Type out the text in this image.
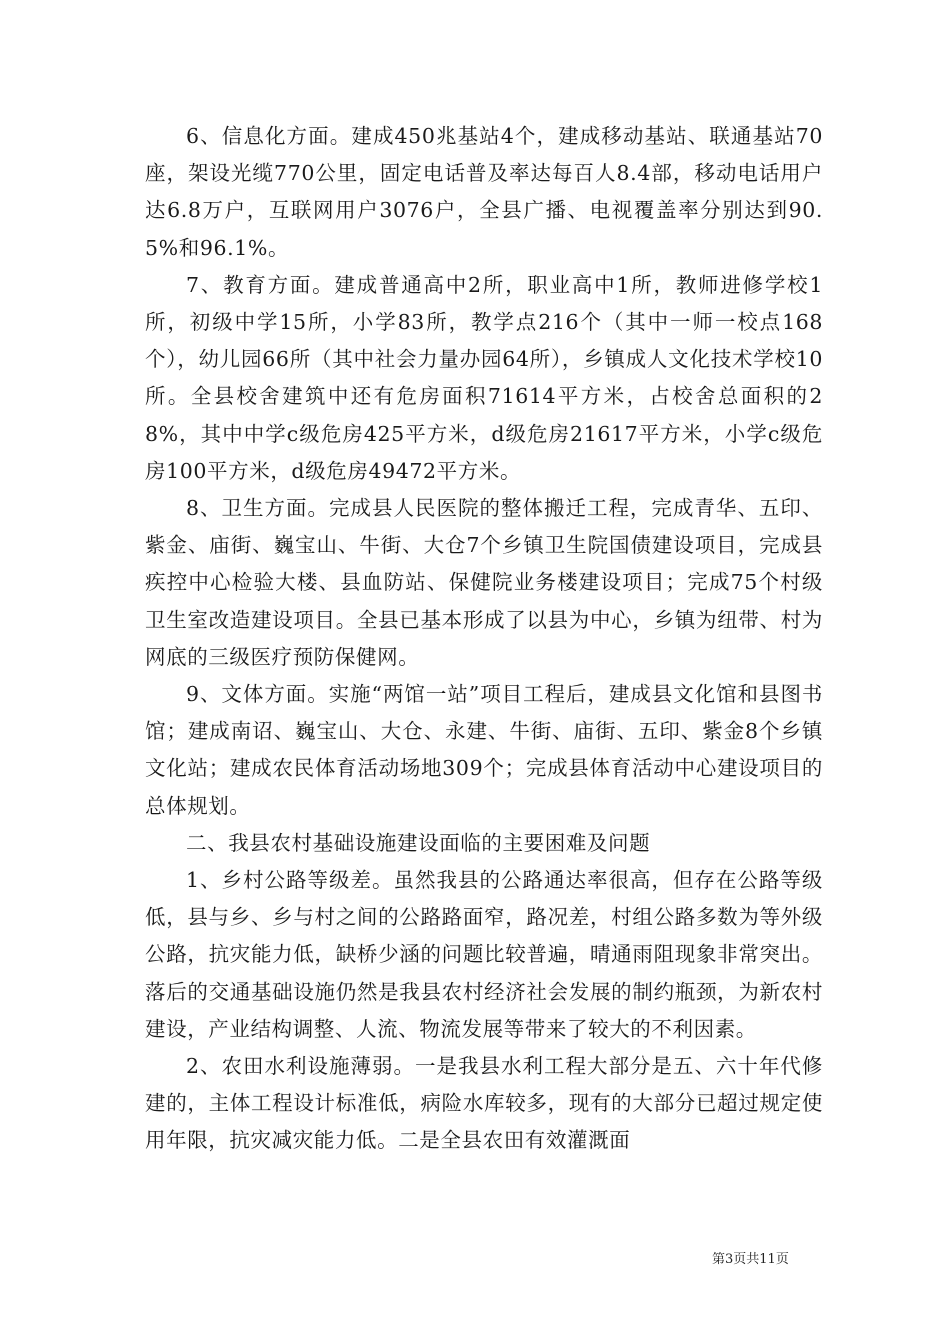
6、信息化方面。建成450兆基站4个，建成移动基站、联通基站70座，架设光缆770公里，固定电话普及率达每百人8.4部，移动电话用户达6.8万户，互联网用户3076户，全县广播、电视覆盖率分别达到90.5%和96.1%。

7、教育方面。建成普通高中2所，职业高中1所，教师进修学校1所，初级中学15所，小学83所，教学点216个（其中一师一校点168个），幼儿园66所（其中社会力量办园64所），乡镇成人文化技术学校10所。全县校舍建筑中还有危房面积71614平方米，占校舍总面积的28%，其中中学c级危房425平方米，d级危房21617平方米，小学c级危房100平方米，d级危房49472平方米。

8、卫生方面。完成县人民医院的整体搬迁工程，完成青华、五印、紫金、庙街、巍宝山、牛街、大仓7个乡镇卫生院国债建设项目，完成县疾控中心检验大楼、县血防站、保健院业务楼建设项目；完成75个村级卫生室改造建设项目。全县已基本形成了以县为中心，乡镇为纽带、村为网底的三级医疗预防保健网。

9、文体方面。实施“两馆一站”项目工程后，建成县文化馆和县图书馆；建成南诏、巍宝山、大仓、永建、牛街、庙街、五印、紫金8个乡镇文化站；建成农民体育活动场地309个；完成县体育活动中心建设项目的总体规划。

二、我县农村基础设施建设面临的主要困难及问题

1、乡村公路等级差。虽然我县的公路通达率很高，但存在公路等级低，县与乡、乡与村之间的公路路面窄，路况差，村组公路多数为等外级公路，抗灾能力低，缺桥少涵的问题比较普遍，晴通雨阻现象非常突出。落后的交通基础设施仍然是我县农村经济社会发展的制约瓶颈，为新农村建设，产业结构调整、人流、物流发展等带来了较大的不利因素。

2、农田水利设施薄弱。一是我县水利工程大部分是五、六十年代修建的，主体工程设计标准低，病险水库较多，现有的大部分已超过规定使用年限，抗灾减灾能力低。二是全县农田有效灌溉面

第3页共11页
